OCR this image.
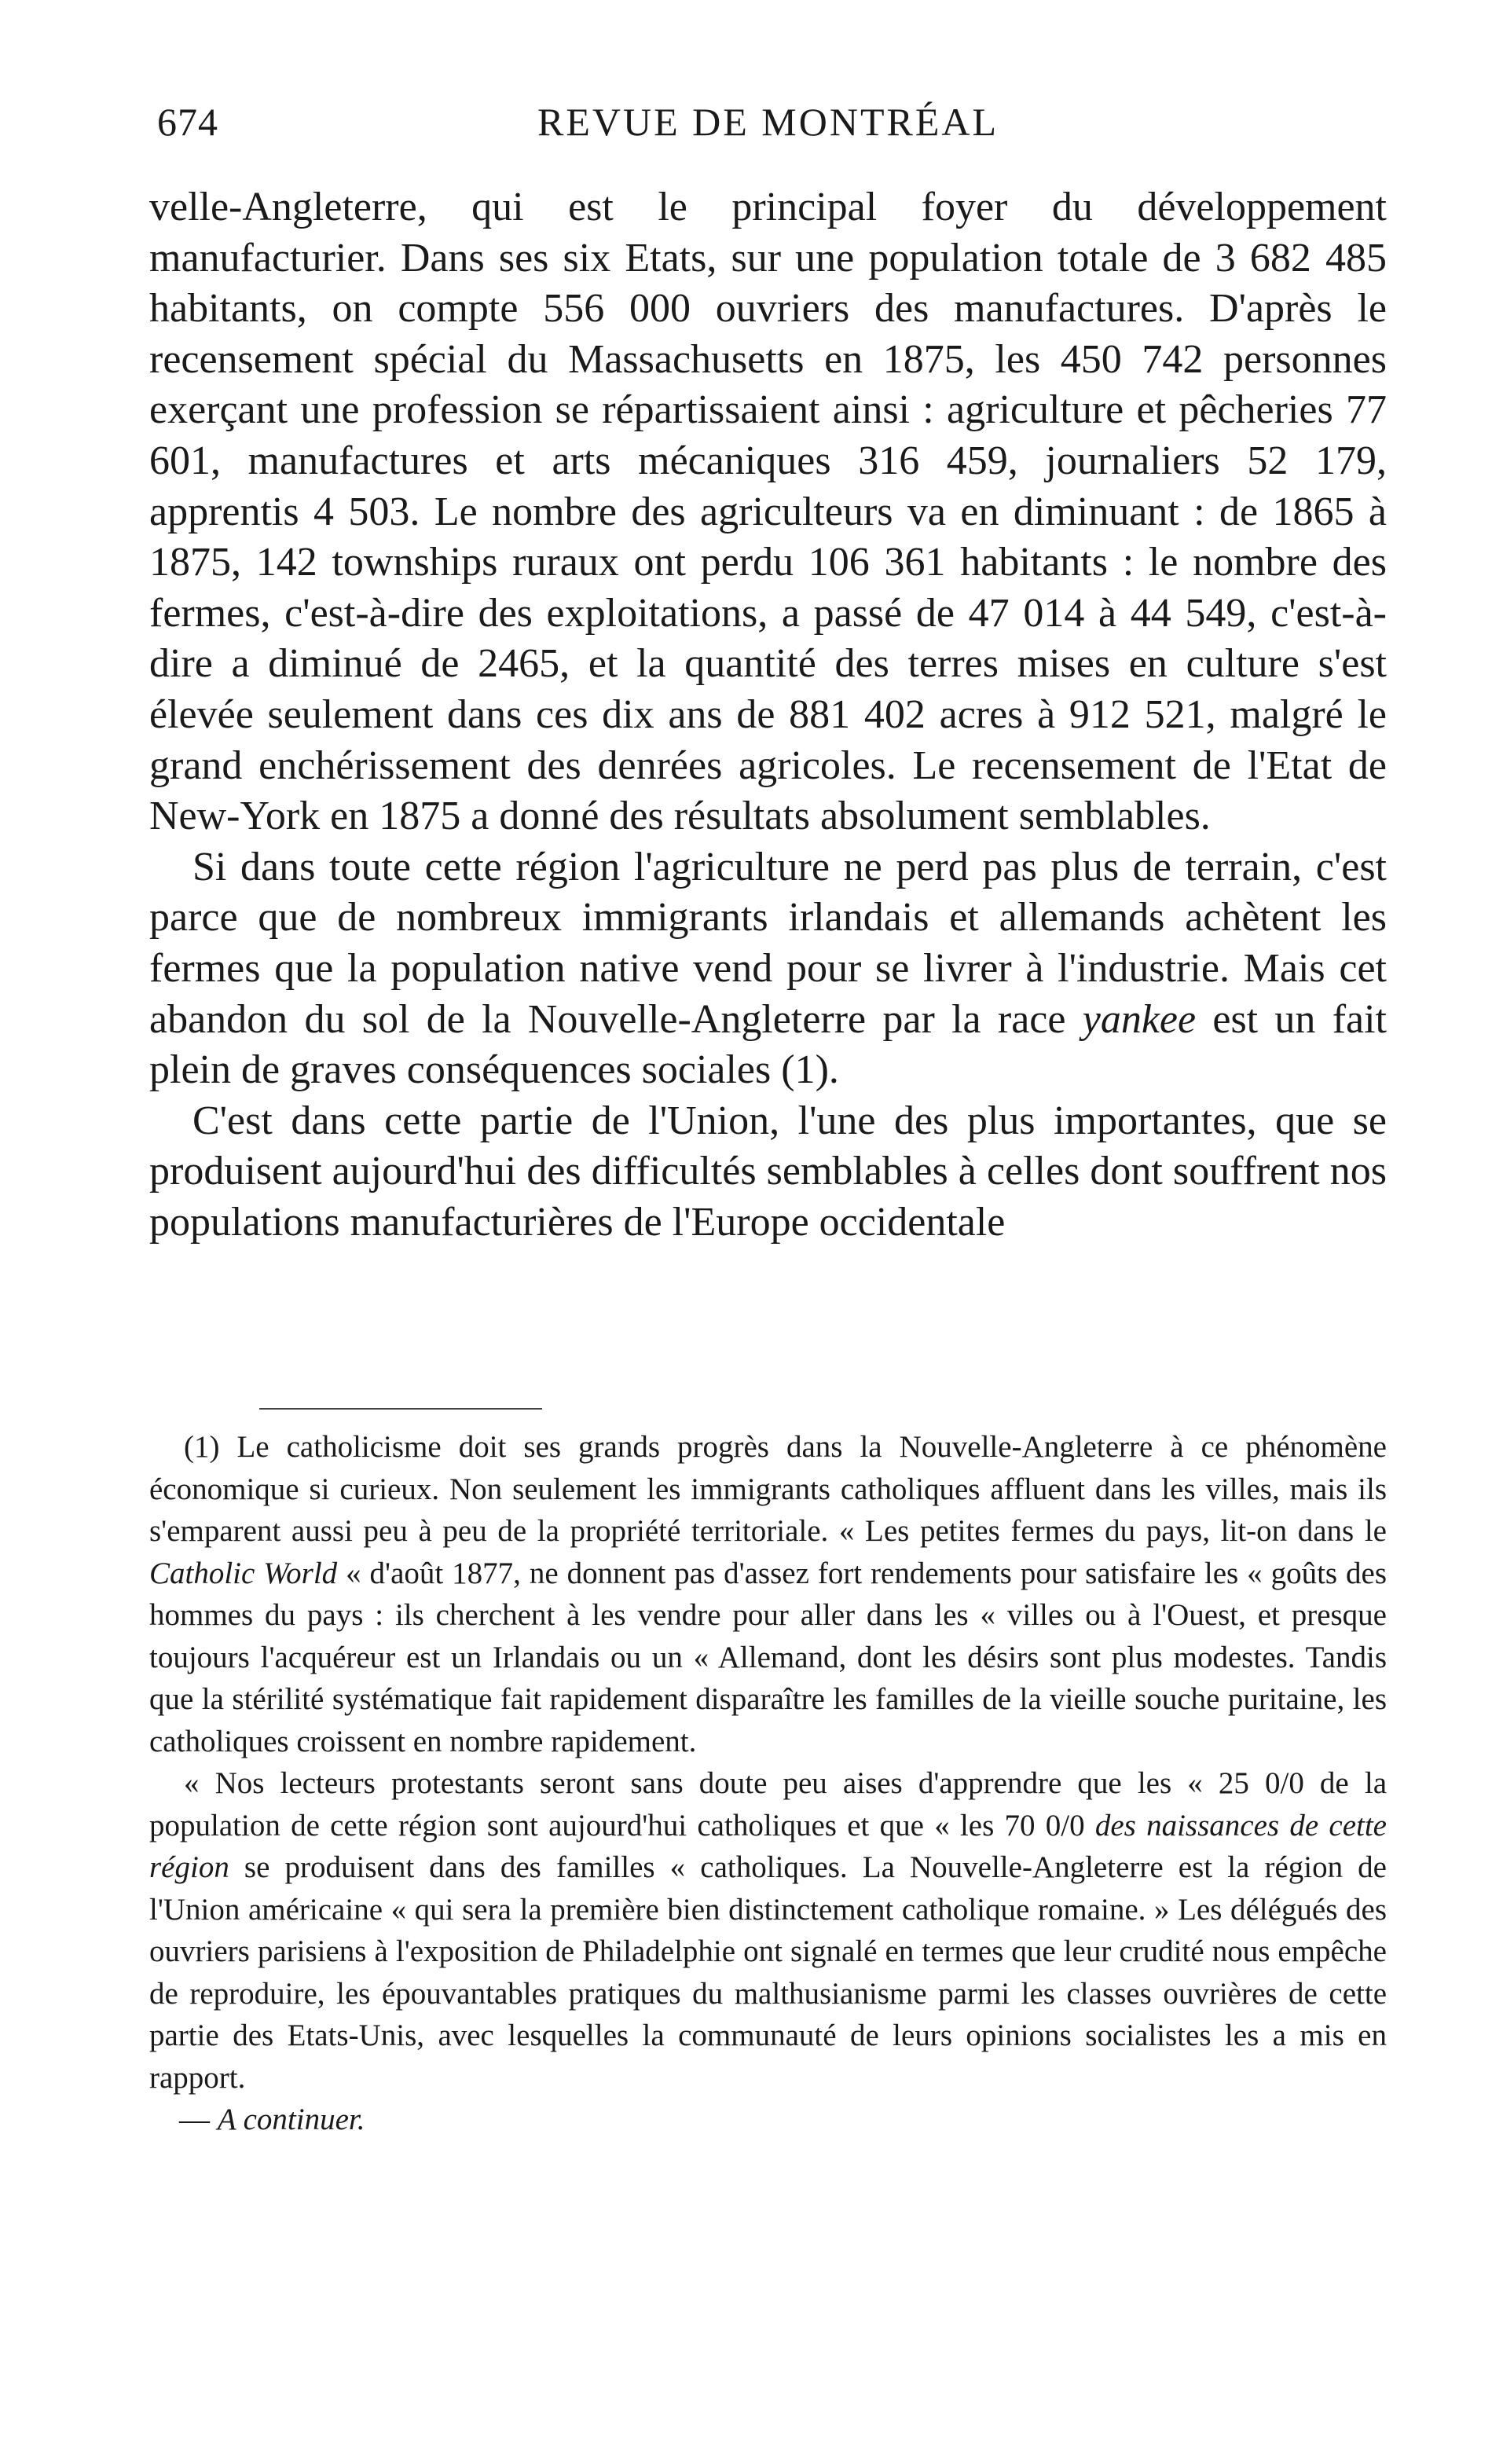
674	REVUE DE MONTRÉAL

velle-Angleterre, qui est le principal foyer du développement manufacturier. Dans ses six Etats, sur une population totale de 3 682 485 habitants, on compte 556 000 ouvriers des manufactures. D'après le recensement spécial du Massachusetts en 1875, les 450 742 personnes exerçant une profession se répartissaient ainsi : agriculture et pêcheries 77 601, manufactures et arts mécaniques 316 459, journaliers 52 179, apprentis 4 503. Le nombre des agriculteurs va en diminuant : de 1865 à 1875, 142 townships ruraux ont perdu 106 361 habitants : le nombre des fermes, c'est-à-dire des exploitations, a passé de 47 014 à 44 549, c'est-à-dire a diminué de 2465, et la quantité des terres mises en culture s'est élevée seulement dans ces dix ans de 881 402 acres à 912 521, malgré le grand enchérissement des denrées agricoles. Le recensement de l'Etat de New-York en 1875 a donné des résultats absolument semblables.

Si dans toute cette région l'agriculture ne perd pas plus de terrain, c'est parce que de nombreux immigrants irlandais et allemands achètent les fermes que la population native vend pour se livrer à l'industrie. Mais cet abandon du sol de la Nouvelle-Angleterre par la race yankee est un fait plein de graves conséquences sociales (1).

C'est dans cette partie de l'Union, l'une des plus importantes, que se produisent aujourd'hui des difficultés semblables à celles dont souffrent nos populations manufacturières de l'Europe occidentale

(1) Le catholicisme doit ses grands progrès dans la Nouvelle-Angleterre à ce phénomène économique si curieux. Non seulement les immigrants catholiques affluent dans les villes, mais ils s'emparent aussi peu à peu de la propriété territoriale. « Les petites fermes du pays, lit-on dans le Catholic World « d'août 1877, ne donnent pas d'assez fort rendements pour satisfaire les « goûts des hommes du pays : ils cherchent à les vendre pour aller dans les « villes ou à l'Ouest, et presque toujours l'acquéreur est un Irlandais ou un « Allemand, dont les désirs sont plus modestes. Tandis que la stérilité systématique fait rapidement disparaître les familles de la vieille souche puritaine, les catholiques croissent en nombre rapidement.

« Nos lecteurs protestants seront sans doute peu aises d'apprendre que les « 25 0/0 de la population de cette région sont aujourd'hui catholiques et que « les 70 0/0 des naissances de cette région se produisent dans des familles « catholiques. La Nouvelle-Angleterre est la région de l'Union américaine « qui sera la première bien distinctement catholique romaine. » Les délégués des ouvriers parisiens à l'exposition de Philadelphie ont signalé en termes que leur crudité nous empêche de reproduire, les épouvantables pratiques du malthusianisme parmi les classes ouvrières de cette partie des Etats-Unis, avec lesquelles la communauté de leurs opinions socialistes les a mis en rapport.

— A continuer.
